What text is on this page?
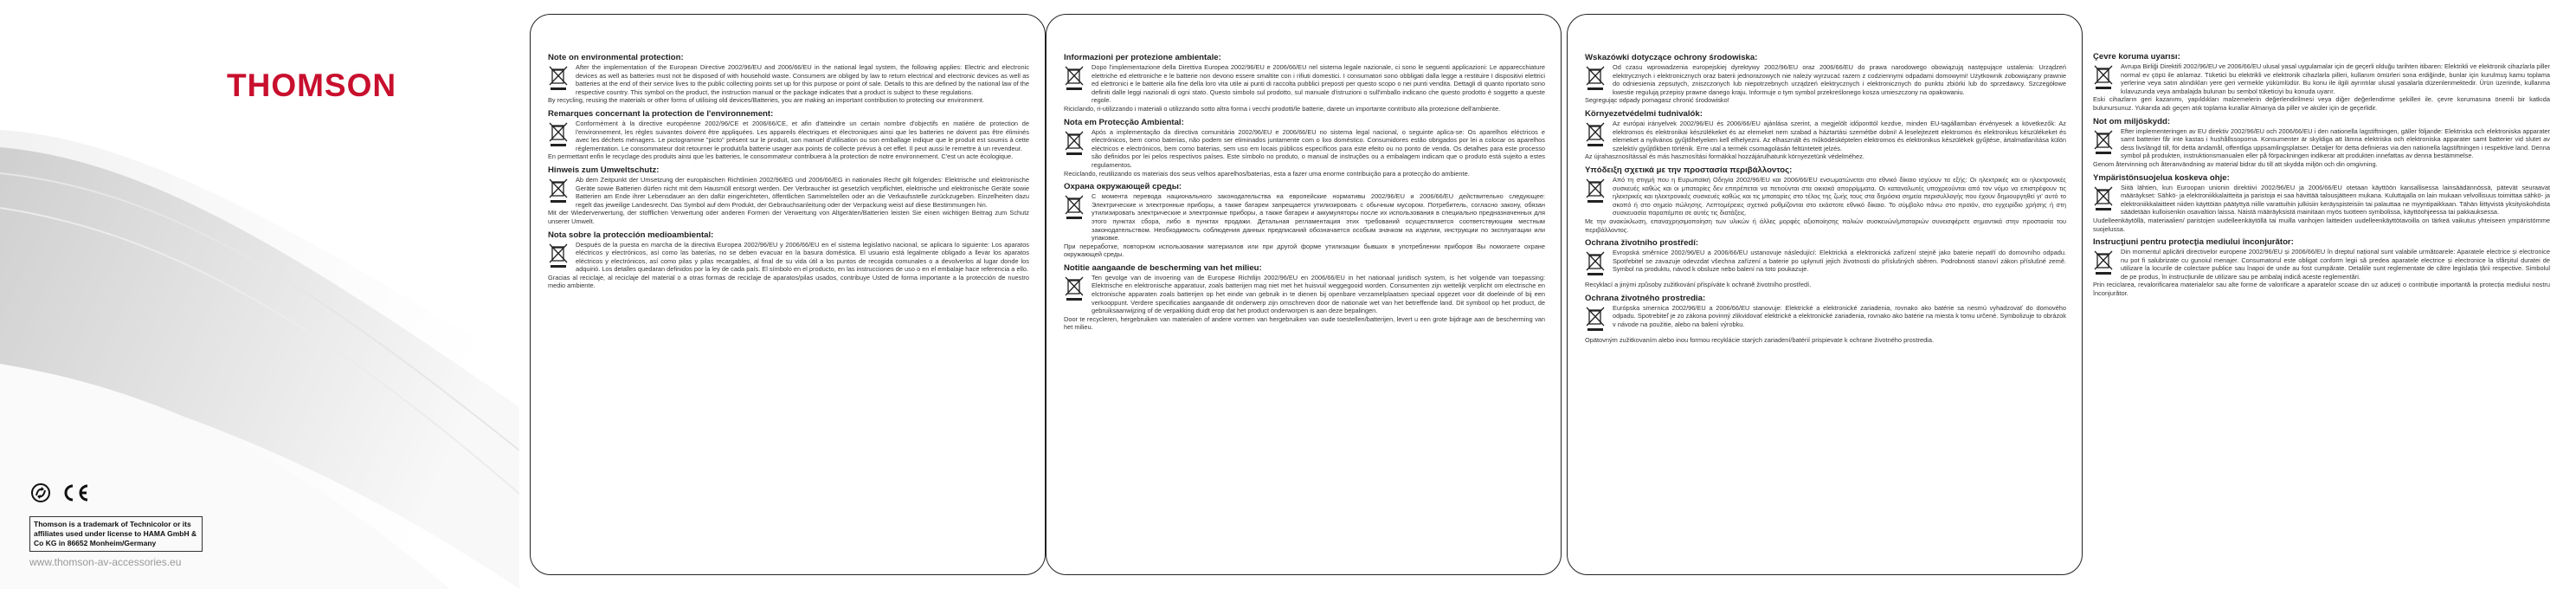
THOMSON
Thomson is a trademark of Technicolor or its affiliates used under license to HAMA GmbH & Co KG in 86652 Monheim/Germany
www.thomson-av-accessories.eu
Note on environmental protection:
After the implementation of the European Directive 2002/96/EU and 2006/66/EU in the national legal system, the following applies: Electric and electronic devices as well as batteries must not be disposed of with household waste. Consumers are obliged by law to return electrical and electronic devices as well as batteries at the end of their service lives to the public collecting points set up for this purpose or point of sale. Details to this are defined by the national law of the respective country. This symbol on the product, the instruction manual or the package indicates that a product is subject to these regulations.
By recycling, reusing the materials or other forms of utilising old devices/Batteries, you are making an important contribution to protecting our environment.
Remarques concernant la protection de l'environnement:
Conformément à la directive européenne 2002/96/CE et 2006/66/CE, et afin d'atteindre un certain nombre d'objectifs en matière de protection de l'environnement, les règles suivantes doivent être appliquées. Les appareils électriques et électroniques ainsi que les batteries ne doivent pas être éliminés avec les déchets ménagers. Le pictogramme "picto" présent sur le produit, son manuel d'utilisation ou son emballage indique que le produit est soumis à cette réglementation. Le consommateur doit retourner le produit/la batterie usager aux points de collecte prévus à cet effet. Il peut aussi le remettre à un revendeur.
En permettant enfin le recyclage des produits ainsi que les batteries, le consommateur contribuera à la protection de notre environnement. C'est un acte écologique.
Hinweis zum Umweltschutz:
Ab dem Zeitpunkt der Umsetzung der europäischen Richtlinien 2002/96/EG und 2006/66/EG in nationales Recht gilt folgendes: Elektrische und elektronische Geräte sowie Batterien dürfen nicht mit dem Hausmüll entsorgt werden. Der Verbraucher ist gesetzlich verpflichtet, elektrische und elektronische Geräte sowie Batterien am Ende ihrer Lebensdauer an den dafür eingerichteten, öffentlichen Sammelstellen oder an die Verkaufsstelle zurückzugeben. Einzelheiten dazu regelt das jeweilige Landesrecht. Das Symbol auf dem Produkt, der Gebrauchsanleitung oder der Verpackung weist auf diese Bestimmungen hin.
Mit der Wiederverwertung, der stofflichen Verwertung oder anderen Formen der Verwertung von Altgeräten/Batterien leisten Sie einen wichtigen Beitrag zum Schutz unserer Umwelt.
Nota sobre la protección medioambiental:
Después de la puesta en marcha de la directiva Europea 2002/96/EU y 2006/66/EU en el sistema legislativo nacional, se aplicara lo siguiente: Los aparatos eléctricos y electrónicos, así como las baterías, no se deben evacuar en la basura doméstica. El usuario está legalmente obligado a llevar los aparatos eléctricos y electrónicos, así como pilas y pilas recargables, al final de su vida útil a los puntos de recogida comunales o a devolverlos al lugar donde los adquirió. Los detalles quedaran definidos por la ley de cada país. El símbolo en el producto, en las instrucciones de uso o en el embalaje hace referencia a ello.
Gracias al reciclaje, al reciclaje del material o a otras formas de reciclaje de aparatos/pilas usados, contribuye Usted de forma importante a la protección de nuestro medio ambiente.
Informazioni per protezione ambientale:
Dopo l'implementazione della Direttiva Europea 2002/96/EU e 2006/66/EU nel sistema legale nazionale, ci sono le seguenti applicazioni: Le apparecchiature elettriche ed elettroniche e le batterie non devono essere smaltite con i rifiuti domestici. I consumatori sono obbligati dalla legge a restituire I dispositivi elettrici ed elettronici e le batterie alla fine della loro vita utile ai punti di raccolta pubblici preposti per questo scopo o nei punti vendita. Dettagli di quanto riportato sono definiti dalle leggi nazionali di ogni stato. Questo simbolo sul prodotto, sul manuale d'istruzioni o sull'imballo indicano che questo prodotto è soggetto a queste regole.
Riciclando, ri-utilizzando i materiali o utilizzando sotto altra forma i vecchi prodotti/le batterie, darete un importante contributo alla protezione dell'ambiente.
Nota em Protecção Ambiental:
Após a implementação da directiva comunitária 2002/96/EU e 2006/66/EU no sistema legal nacional, o seguinte aplica-se: Os aparelhos eléctricos e electrónicos, bem como baterias, não podem ser eliminados juntamente com o lixo doméstico. Consumidores estão obrigados por lei a colocar os aparelhos eléctricos e electrónicos, bem como baterias, sem uso em locais públicos específicos para este efeito ou no ponto de venda. Os detalhes para este processo são definidos por lei pelos respectivos países. Este símbolo no produto, o manual de instruções ou a embalagem indicam que o produto está sujeito a estes regulamentos.
Reciclando, reutilizando os materiais dos seus velhos aparelhos/baterias, esta a fazer uma enorme contribuição para a protecção do ambiente.
Охрана окружающей среды:
С момента перевода национального законодательства на европейские нормативы 2002/96/EU и 2006/66/EU действительно следующее: Электрические и электронные приборы, а также батареи запрещается утилизировать с обычным мусором. Потребитель, согласно закону, обязан утилизировать электрические и электронные приборы, а также батареи и аккумуляторы после их использования в специально предназначенных для этого пунктах сбора, либо в пунктах продажи. Детальная регламентация этих требований осуществляется соответствующим местным законодательством. Необходимость соблюдения данных предписаний обозначается особым значком на изделии, инструкции по эксплуатации или упаковке.
При переработке, повторном использовании материалов или при другой форме утилизации бывших в употреблении приборов Вы помогаете охране окружающей среды.
Notitie aangaande de bescherming van het milieu:
Ten gevolge van de invoering van de Europese Richtlijn 2002/96/EU en 2006/66/EU in het nationaal juridisch system, is het volgende van toepassing: Elektrische en elektronische apparatuur, zoals batterijen mag niet met het huisvuil weggegooid worden. Consumenten zijn wettelijk verplicht om electrische en elctronische apparaten zoals batterijen op het einde van gebruik in te dienen bij openbare verzamelplaatsen speciaal opgezet voor dit doeleinde of bij een verkooppunt. Verdere specificaties aangaande dit onderwerp zijn omschreven door de nationale wet van het betreffende land. Dit symbool op het product, de gebruiksaanwijzing of de verpakking duidt erop dat het product onderworpen is aan deze bepalingen.
Door te recycleren, hergebruiken van materialen of andere vormen van hergebruiken van oude toestellen/batterijen, levert u een grote bijdrage aan de bescherming van het milieu.
Wskazówki dotyczące ochrony środowiska:
Od czasu wprowadzenia europejskiej dyrektywy 2002/96/EU oraz 2006/66/EU do prawa narodowego obowiązują następujące ustalenia: Urządzeń elektrycznych i elektronicznych oraz baterii jednorazowych nie należy wyrzucać razem z codziennymi odpadami domowymi! Użytkownik zobowiązany prawnie do odniesienia zepsutych, zniszczonych lub niepotrzebnych urządzeń elektrycznych i elektronicznych do punktu zbiórki lub do sprzedawcy. Szczegółowe kwestie regulują przepisy prawne danego kraju. Informuje o tym symbol przekreślonego kosza umieszczony na opakowaniu.
Segregując odpady pomagasz chronić środowisko!
Környezetvédelmi tudnivalók:
Az európai irányelvek 2002/96/EU és 2006/66/EU ajánlása szerint, a megjelölt időponttól kezdve, minden EU-tagállamban érvényesek a következők: Az elektromos és elektronikai készülékeket és az elemeket nem szabad a háztartási szemétbe dobni! A leselejtezett elektromos és elektronikus készülékeket és elemeket a nyilvános gyűjtőhelyeken kell elhelyezni. Az elhasznált és működésképtelen elektromos és elektronikus készülékek gyűjtése, ártalmatlanítása külön szelektív gyűjtőkben történik. Erre utal a termék csomagolásán feltüntetett jelzés.
Az újrahasznosítással és más hasznosítási formákkal hozzájárulhatunk környezetünk védelméhez.
Υπόδειξη σχετικά με την προστασία περιβάλλοντος:
Από τη στιγμή που η Ευρωπαϊκή Οδηγία 2002/96/EU και 2006/66/EU ενσωματώνεται στο εθνικό δίκαιο ισχύουν τα εξής: Οι ηλεκτρικές και οι ηλεκτρονικές συσκευές καθώς και οι μπαταρίες δεν επιτρέπεται να πετιούνται στα οικιακά απορρίμματα. Οι καταναλωτές υποχρεούνται από τον νόμο να επιστρέφουν τις ηλεκτρικές και ηλεκτρονικές συσκευές καθώς και τις μπαταρίες στο τέλος της ζωής τους στα δημόσια σημεία περισυλλογής που έχουν δημιουργηθεί γι' αυτό το σκοπό ή στο σημείο πώλησης. Λεπτομέρειες σχετικά ρυθμίζονται στο εκάστοτε εθνικό δίκαιο. Το σύμβολο πάνω στο προϊόν, στο εγχειρίδιο χρήσης ή στη συσκευασία παραπέμπει σε αυτές τις διατάξεις.
Με την ανακύκλωση, επαναχρησιμοποίηση των υλικών ή άλλες μορφές αξιοποίησης παλιών συσκευών/μπαταριών συνεισφέρετε σημαντικά στην προστασία του περιβάλλοντος.
Ochrana životního prostředí:
Evropská směrnice 2002/96/EU a 2006/66/EU ustanovuje následující: Elektrická a elektronická zařízení stejně jako baterie nepatří do domovního odpadu. Spotřebitel se zavazuje odevzdat všechna zařízení a baterie po uplynutí jejich životnosti do příslušných sběren. Podrobnosti stanoví zákon příslušné země. Symbol na produktu, návod k obsluze nebo balení na toto poukazuje.
Recyklací a jinými způsoby zužitkování přispíváte k ochraně životního prostředí.
Ochrana životného prostredia:
Európska smernica 2002/96/EU a 2006/66/EU stanovuje: Elektrické a elektronické zariadenia, rovnako ako batérie sa nesmú vyhadzovať do domového odpadu. Spotrebiteľ je zo zákona povinný zlikvidovať elektrické a elektronické zariadenia, rovnako ako batérie na miesta k tomu určené. Symbolizuje to obrázok v návode na použitie, alebo na balení výrobku.
Opätovným zužitkovaním alebo inou formou recyklácie starých zariadení/batérií prispievate k ochrane životného prostredia.
Çevre koruma uyarısı:
Avrupa Birliği Direktifi 2002/96/EU ve 2006/66/EU ulusal yasal uygulamalar için de geçerli olduğu tarihten itibaren: Elektrikli ve elektronik cihazlarla piller normal ev çöpü ile atılamaz. Tüketici bu elektrikli ve elektronik cihazlarla pilleri, kullanım ömürleri sona erdiğinde, bunlar için kurulmuş kamu toplama yerlerine veya satın alındıkları yere geri vermekle yükümlüdür. Bu konu ile ilgili ayrıntılar ulusal yasalarla düzenlenmektedir. Ürün üzerinde, kullanma kılavuzunda veya ambalajda bulunan bu sembol tüketiciyi bu konuda uyarır.
Eski cihazların geri kazanımı, yapıldıkları malzemelerin değerlendirilmesi veya diğer değerlendirme şekilleri ile, çevre korumasına önemli bir katkıda bulunursunuz. Yukarıda adı geçen atık toplama kurallar Almanya da piller ve aküler için de geçerlidir.
Not om miljöskydd:
Efter implementeringen av EU direktiv 2002/96/EU och 2006/66/EU i den nationella lagstiftningen, gäller följande: Elektriska och elektroniska apparater samt batterier får inte kastas i hushållssoporna. Konsumenter är skyldiga att lämna elektriska och elektroniska apparater samt batterier vid slutet av dess livslängd till, för detta ändamål, offentliga uppsamlingsplatser. Detaljer för detta definieras via den nationella lagstiftningen i respektive land. Denna symbol på produkten, instruktionsmanualen eller på förpackningen indikerar att produkten innefattas av denna bestämmelse.
Genom återvinning och återanvändning av material bidrar du till att skydda miljön och din omgivning.
Ympäristönsuojelua koskeva ohje:
Siitä lähtien, kun Euroopan unionin direktiivi 2002/96/EU ja 2006/66/EU otetaan käyttöön kansallisessa lainsäädännössä, pätevät seuraavat määräykset: Sähkö- ja elektroniikkalaitteita ja paristoja ei saa hävittää talousjätteen mukana. Kuluttajalla on lain mukaan velvollisuus toimittaa sähkö- ja elektroniikkalaitteet niiden käyttöiän päätyttyä niille varattuihin julkisiin keräyspisteisiin tai palauttaa ne myyntipaikkaan. Tähän liittyvistä yksityiskohdista säädetään kulloisenkin osavaltion laissa. Näistä määräyksistä mainitaan myös tuotteen symbolissa, käyttöohjeessa tai pakkauksessa.
Uudelleenkäytöllä, materiaalien/ paristojen uudelleenkäytöllä tai muilla vanhojen laitteiden uudelleenkäyttötavoilla on tärkeä vaikutus yhteiseen ympäristömme suojelussa.
Instrucţiuni pentru protecţia mediului înconjurător:
Din momentul aplicării directivelor europene 2002/96/EU și 2006/66/EU în dreptul național sunt valabile următoarele: Aparatele electrice și electronice nu pot fi salubrizate cu gunoiul menajer. Consumatorul este obligat conform legii să predea aparatele electrice și electronice la sfârșitul duratei de utilizare la locurile de colectare publice sau înapoi de unde au fost cumpărate. Detaliile sunt reglementate de către legislația țării respective. Simbolul de pe produs, în instrucțiunile de utilizare sau pe ambalaj indică aceste reglementări.
Prin reciclarea, revalorificarea materialelor sau alte forme de valorificare a aparatelor scoase din uz aduceți o contribuție importantă la protecția mediului nostru înconjurător.
